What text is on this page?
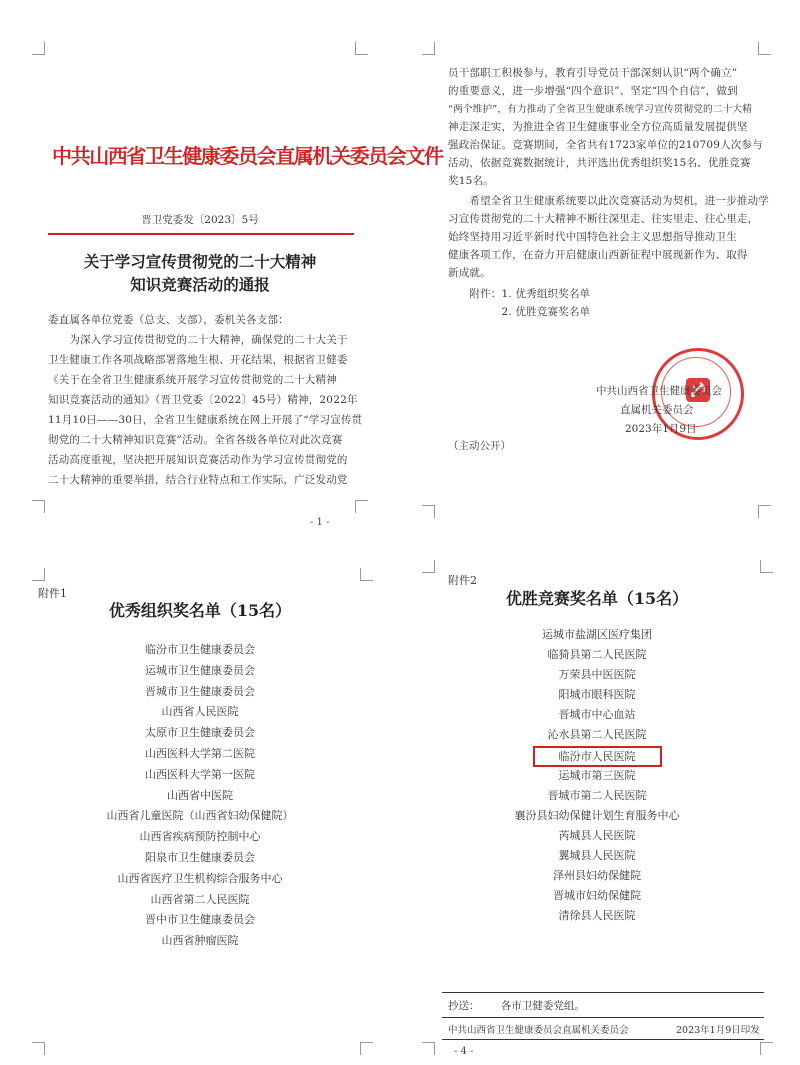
中共山西省卫生健康委员会直属机关委员会文件
晋卫党委发〔2023〕5号
关于学习宣传贯彻党的二十大精神
知识竞赛活动的通报
委直属各单位党委（总支、支部），委机关各支部：
　　为深入学习宣传贯彻党的二十大精神，确保党的二十大关于
卫生健康工作各项战略部署落地生根、开花结果，根据省卫健委
《关于在全省卫生健康系统开展学习宣传贯彻党的二十大精神
知识竞赛活动的通知》（晋卫党委〔2022〕45号）精神，2022年
11月10日——30日，全省卫生健康系统在网上开展了“学习宣传贯
彻党的二十大精神知识竞赛”活动。全省各级各单位对此次竞赛
活动高度重视，坚决把开展知识竞赛活动作为学习宣传贯彻党的
二十大精神的重要举措，结合行业特点和工作实际，广泛发动党
- 1 -
员干部职工积极参与，教育引导党员干部深刻认识“两个确立”
的重要意义，进一步增强“四个意识”、坚定“四个自信”，做到
“两个维护”，有力推动了全省卫生健康系统学习宣传贯彻党的二十大精
神走深走实，为推进全省卫生健康事业全方位高质量发展提供坚
强政治保证。竞赛期间，全省共有1723家单位的210709人次参与
活动，依据竞赛数据统计，共评选出优秀组织奖15名、优胜竞赛
奖15名。
　　希望全省卫生健康系统要以此次竞赛活动为契机，进一步推动学
习宣传贯彻党的二十大精神不断往深里走、往实里走、往心里走，
始终坚持用习近平新时代中国特色社会主义思想指导推动卫生
健康各项工作，在奋力开启健康山西新征程中展现新作为、取得
新成就。
　　附件：1. 优秀组织奖名单
　　　　　2. 优胜竞赛奖名单
中共山西省卫生健康委员会
直属机关委员会
2023年1月9日
（主动公开）
附件1
优秀组织奖名单（15名）
临汾市卫生健康委员会
运城市卫生健康委员会
晋城市卫生健康委员会
山西省人民医院
太原市卫生健康委员会
山西医科大学第二医院
山西医科大学第一医院
山西省中医院
山西省儿童医院（山西省妇幼保健院）
山西省疾病预防控制中心
阳泉市卫生健康委员会
山西省医疗卫生机构综合服务中心
山西省第二人民医院
晋中市卫生健康委员会
山西省肿瘤医院
附件2
优胜竞赛奖名单（15名）
运城市盐湖区医疗集团
临猗县第二人民医院
万荣县中医医院
阳城市眼科医院
晋城市中心血站
沁水县第二人民医院
临汾市人民医院
运城市第三医院
晋城市第二人民医院
襄汾县妇幼保健计划生育服务中心
芮城县人民医院
翼城县人民医院
泽州县妇幼保健院
晋城市妇幼保健院
清徐县人民医院
抄送： 各市卫健委党组。
中共山西省卫生健康委员会直属机关委员会	2023年1月9日印发
- 4 -
